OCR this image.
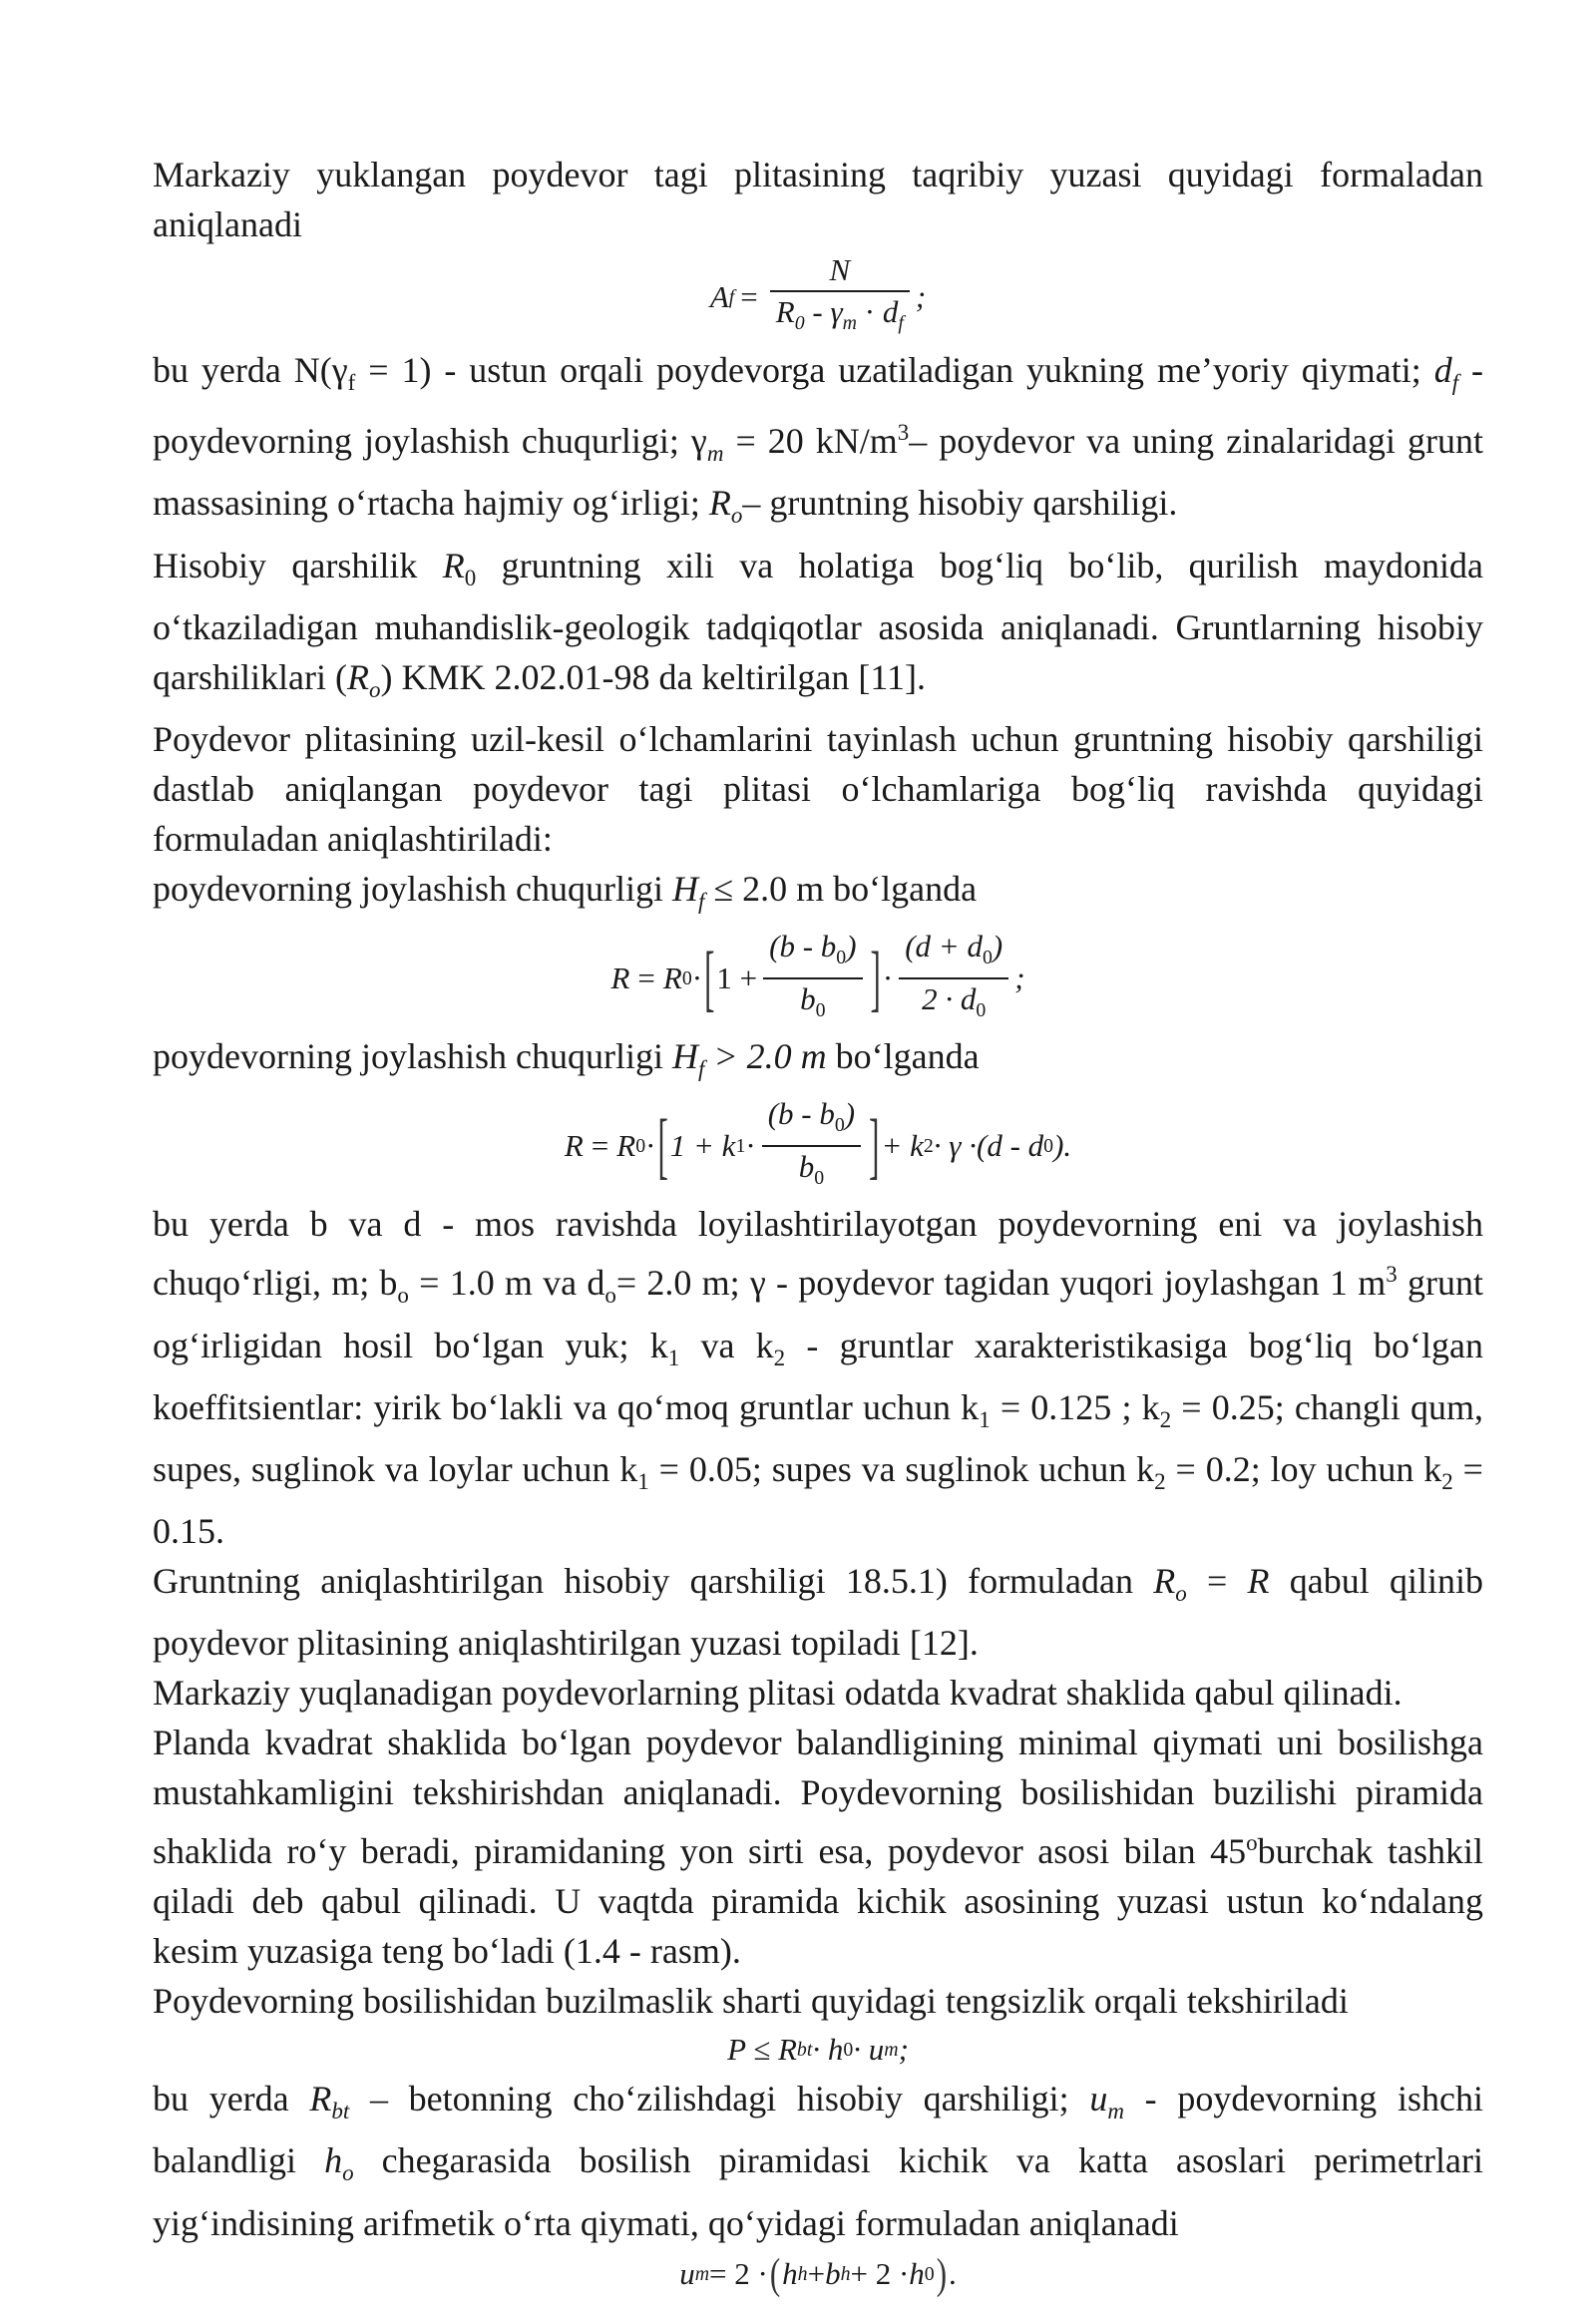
Markaziy yuklangan poydevor tagi plitasining taqribiy yuzasi quyidagi formaladan aniqlanadi

A $f = \frac{N}{R_0 - \gamma_m \cdot d_f}$ ;

bu yerda $N(\gamma_f = 1)$ - ustun orqali poydevorga uzatiladigan yukning me’yoriy qiymati; $d_f$ - poydevorning joylashish chuqurligi; $\gamma_m = 20$ $kN/m^3-$ poydevor va uning zinalaridagi grunt massasining o‘rtacha hajmiy og‘irligi; $R_o-$ gruntning hisobiy qarshiligi.

Hisobiy qarshilik $R_0$ gruntning xili va holatiga bog‘liq bo‘lib, qurilish maydonida o‘tkaziladigan muhandislik-geologik tadqiqotlar asosida aniqlanadi. Gruntlarning hisobiy qarshiliklari $(R_o)$ KMK 2.02.01-98 da keltirilgan [11].

Poydevor plitasining uzil-kesil o‘lchamlarini tayinlash uchun gruntning hisobiy qarshiligi dastlab aniqlangan poydevor tagi plitasi o‘lchamlariga bog‘liq ravishda quyidagi formuladan aniqlashtiriladi:

poydevorning joylashish chuqurligi $H_f \le 2.0$ m bo‘lganda

R = R 0 · [ $1 + \frac{(b - b_0)}{b_0}$ ] · $\frac{(d + d_0)}{2 \cdot d_0}$ ;

poydevorning joylashish chuqurligi $H_f > 2.0$ m bo‘lganda

R = R 0 · [ 1 + k $1 \cdot \frac{(b - b_0)}{b_0}$ ] + k 2 · γ · (d - d 0 ).

bu yerda b va d - mos ravishda loyilashtirilayotgan poydevorning eni va joylashish chuqo‘rligi, m; $b_o = 1.0$ m va $d_o= 2.0$ m; γ - poydevor tagidan yuqori joylashgan 1 $m^3$ grunt og‘irligidan hosil bo‘lgan yuk; $k_1$ va $k_2$ - gruntlar xarakteristikasiga bog‘liq bo‘lgan koeffitsientlar: yirik bo‘lakli va qo‘moq gruntlar uchun $k_1 = 0.125$ ; $k_2 = 0.25$; changli qum, supes, suglinok va loylar uchun $k_1 = 0.05$; supes va suglinok uchun $k_2 = 0.2$; loy uchun $k_2 = 0.15$.

Gruntning aniqlashtirilgan hisobiy qarshiligi 18.5.1) formuladan $R_o = R$ qabul qilinib poydevor plitasining aniqlashtirilgan yuzasi topiladi [12].

Markaziy yuqlanadigan poydevorlarning plitasi odatda kvadrat shaklida qabul qilinadi.

Planda kvadrat shaklida bo‘lgan poydevor balandligining minimal qiymati uni bosilishga mustahkamligini tekshirishdan aniqlanadi. Poydevorning bosilishidan buzilishi piramida shaklida ro‘y beradi, piramidaning yon sirti esa, poydevor asosi bilan 45$^o$burchak tashkil qiladi deb qabul qilinadi. U vaqtda piramida kichik asosining yuzasi ustun ko‘ndalang kesim yuzasiga teng bo‘ladi (1.4 - rasm).

Poydevorning bosilishidan buzilmaslik sharti quyidagi tengsizlik orqali tekshiriladi

P ≤ R bt · h 0 · u m ;

bu yerda $R_{bt}$ – betonning cho‘zilishdagi hisobiy qarshiligi; $u_m$ - poydevorning ishchi balandligi $h_o$ chegarasida bosilish piramidasi kichik va katta asoslari perimetrlari yig‘indisining arifmetik o‘rta qiymati, qo‘yidagi formuladan aniqlanadi

u m = 2 · ( h h + b h + 2 · h 0 ) .
